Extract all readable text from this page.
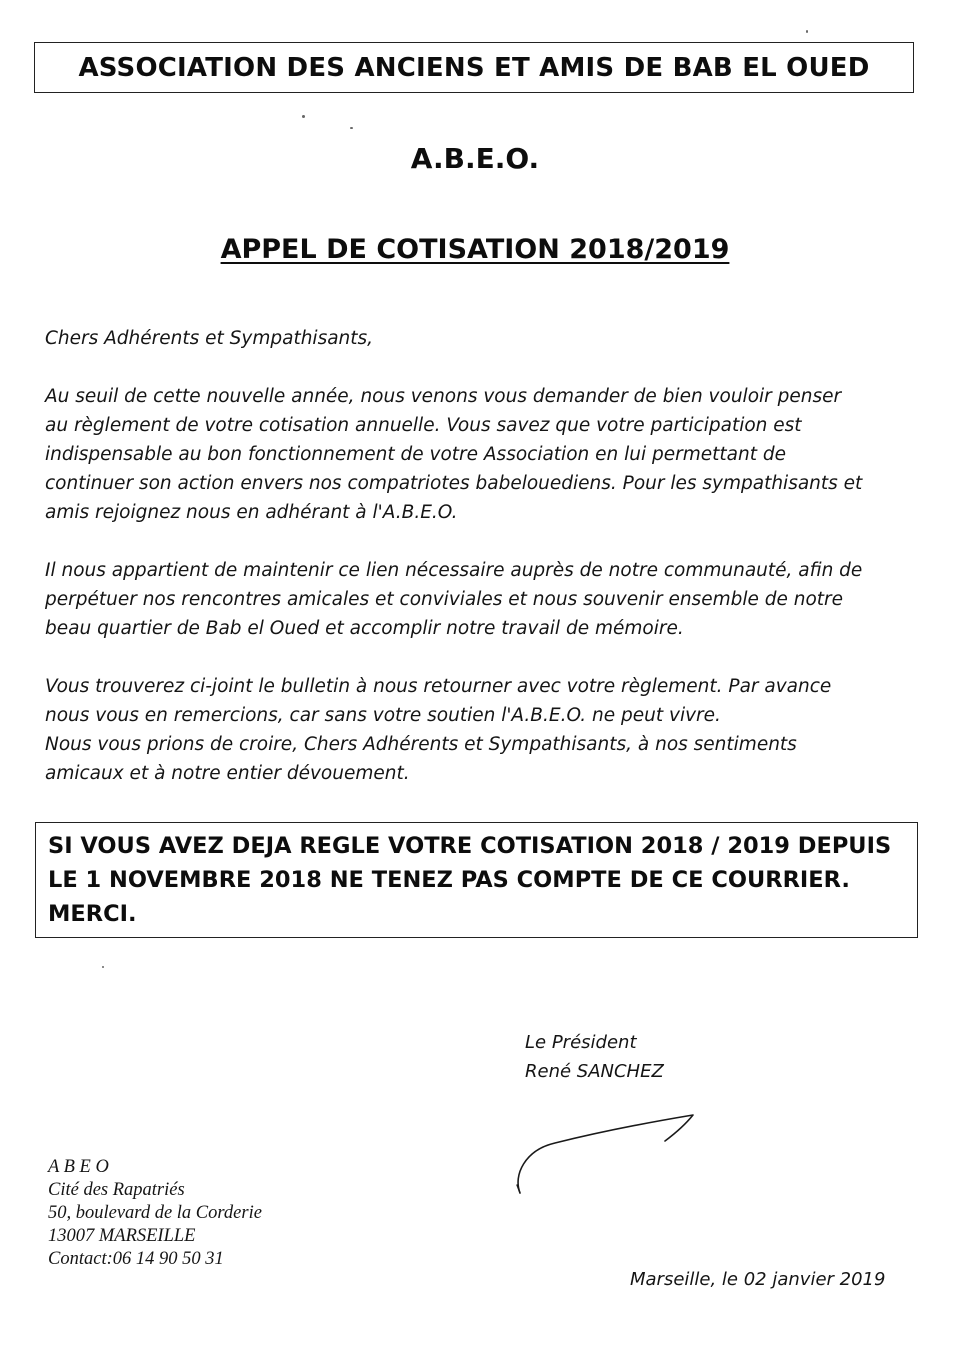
ASSOCIATION DES ANCIENS ET AMIS DE BAB EL OUED
A.B.E.O.
APPEL DE COTISATION 2018/2019

Chers Adhérents et Sympathisants,

Au seuil de cette nouvelle année, nous venons vous demander de bien vouloir penser
au règlement de votre cotisation annuelle. Vous savez que votre participation est
indispensable au bon fonctionnement de votre Association en lui permettant de
continuer son action envers nos compatriotes babelouediens. Pour les sympathisants et
amis rejoignez nous en adhérant à l'A.B.E.O.

Il nous appartient de maintenir ce lien nécessaire auprès de notre communauté, afin de
perpétuer nos rencontres amicales et conviviales et nous souvenir ensemble de notre
beau quartier de Bab el Oued et accomplir notre travail de mémoire.

Vous trouverez ci-joint le bulletin à nous retourner avec votre règlement. Par avance
nous vous en remercions, car sans votre soutien l'A.B.E.O. ne peut vivre.
Nous vous prions de croire, Chers Adhérents et Sympathisants, à nos sentiments
amicaux et à notre entier dévouement.

SI VOUS AVEZ DEJA REGLE VOTRE COTISATION 2018 / 2019 DEPUIS
LE 1 NOVEMBRE 2018 NE TENEZ PAS COMPTE DE CE COURRIER.
MERCI.
Le Président
René SANCHEZ
A B E O
Cité des Rapatriés
50, boulevard de la Corderie
13007 MARSEILLE
Contact:06 14 90 50 31
Marseille, le 02 janvier 2019
